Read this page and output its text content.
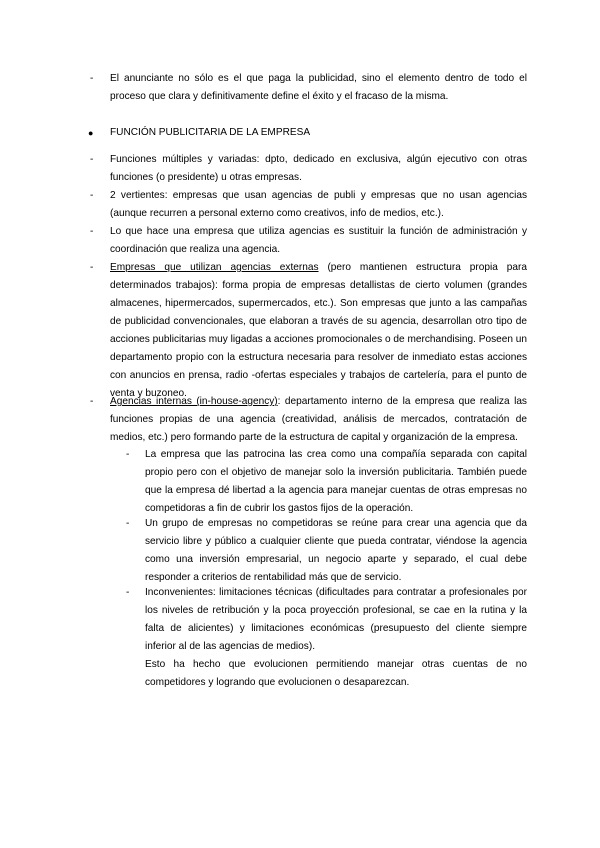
- El anunciante no sólo es el que paga la publicidad, sino el elemento dentro de todo el proceso que clara y definitivamente define el éxito y el fracaso de la misma.
● FUNCIÓN PUBLICITARIA DE LA EMPRESA
- Funciones múltiples y variadas: dpto, dedicado en exclusiva, algún ejecutivo con otras funciones (o presidente) u otras empresas.
- 2 vertientes: empresas que usan agencias de publi y empresas que no usan agencias (aunque recurren a personal externo como creativos, info de medios, etc.).
- Lo que hace una empresa que utiliza agencias es sustituir la función de administración y coordinación que realiza una agencia.
- Empresas que utilizan agencias externas (pero mantienen estructura propia para determinados trabajos): forma propia de empresas detallistas de cierto volumen (grandes almacenes, hipermercados, supermercados, etc.). Son empresas que junto a las campañas de publicidad convencionales, que elaboran a través de su agencia, desarrollan otro tipo de acciones publicitarias muy ligadas a acciones promocionales o de merchandising. Poseen un departamento propio con la estructura necesaria para resolver de inmediato estas acciones con anuncios en prensa, radio -ofertas especiales y trabajos de cartelería, para el punto de venta y buzoneo.
- Agencias internas (in-house-agency): departamento interno de la empresa que realiza las funciones propias de una agencia (creatividad, análisis de mercados, contratación de medios, etc.) pero formando parte de la estructura de capital y organización de la empresa.
- La empresa que las patrocina las crea como una compañía separada con capital propio pero con el objetivo de manejar solo la inversión publicitaria. También puede que la empresa dé libertad a la agencia para manejar cuentas de otras empresas no competidoras a fin de cubrir los gastos fijos de la operación.
- Un grupo de empresas no competidoras se reúne para crear una agencia que da servicio libre y público a cualquier cliente que pueda contratar, viéndose la agencia como una inversión empresarial, un negocio aparte y separado, el cual debe responder a criterios de rentabilidad más que de servicio.
- Inconvenientes: limitaciones técnicas (dificultades para contratar a profesionales por los niveles de retribución y la poca proyección profesional, se cae en la rutina y la falta de alicientes) y limitaciones económicas (presupuesto del cliente siempre inferior al de las agencias de medios).
Esto ha hecho que evolucionen permitiendo manejar otras cuentas de no competidores y logrando que evolucionen o desaparezcan.
